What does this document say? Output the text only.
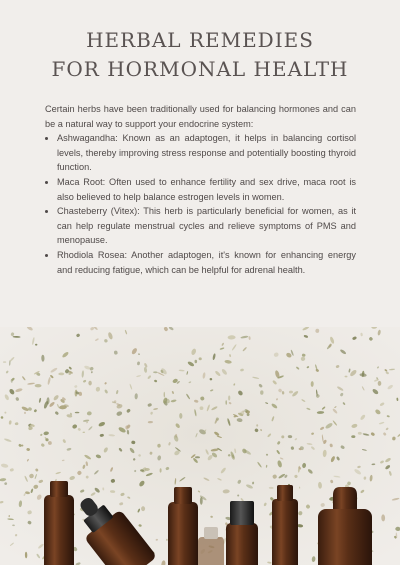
HERBAL REMEDIES
FOR HORMONAL HEALTH

Certain herbs have been traditionally used for balancing hormones and can be a natural way to support your endocrine system:

• Ashwagandha: Known as an adaptogen, it helps in balancing cortisol levels, thereby improving stress response and potentially boosting thyroid function.
• Maca Root: Often used to enhance fertility and sex drive, maca root is also believed to help balance estrogen levels in women.
• Chasteberry (Vitex): This herb is particularly beneficial for women, as it can help regulate menstrual cycles and relieve symptoms of PMS and menopause.
• Rhodiola Rosea: Another adaptogen, it's known for enhancing energy and reducing fatigue, which can be helpful for adrenal health.
